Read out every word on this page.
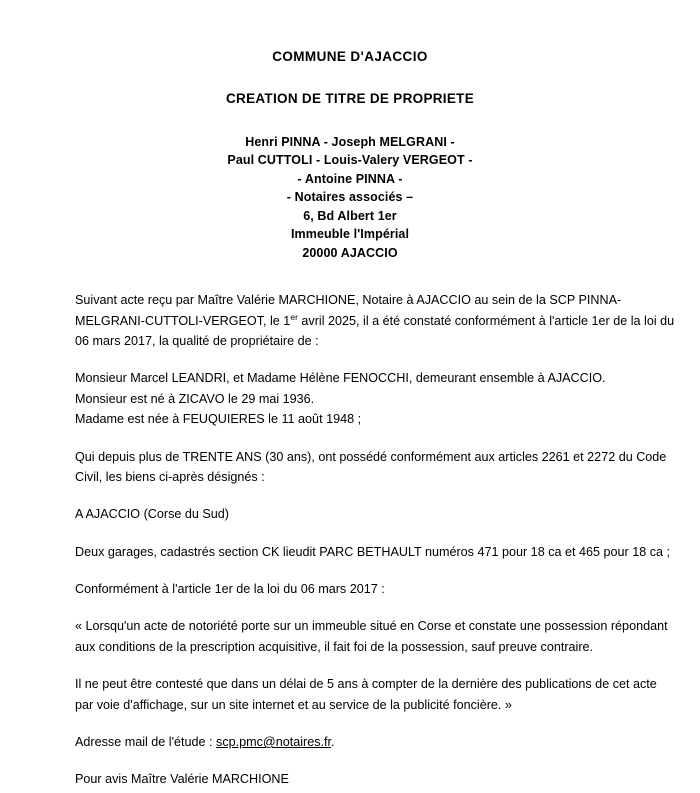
COMMUNE D'AJACCIO
CREATION DE TITRE DE PROPRIETE
Henri PINNA - Joseph MELGRANI -
Paul CUTTOLI - Louis-Valery VERGEOT -
- Antoine PINNA -
- Notaires associés –
6, Bd Albert 1er
Immeuble l'Impérial
20000 AJACCIO

Suivant acte reçu par Maître Valérie MARCHIONE, Notaire à AJACCIO au sein de la SCP PINNA-MELGRANI-CUTTOLI-VERGEOT, le 1er avril 2025, il a été constaté conformément à l'article 1er de la loi du 06 mars 2017, la qualité de propriétaire de :

Monsieur Marcel LEANDRI, et Madame Hélène FENOCCHI, demeurant ensemble à AJACCIO.
Monsieur est né à ZICAVO le 29 mai 1936.
Madame est née à FEUQUIERES le 11 août 1948 ;

Qui depuis plus de TRENTE ANS (30 ans), ont possédé conformément aux articles 2261 et 2272 du Code Civil, les biens ci-après désignés :

A AJACCIO (Corse du Sud)

Deux garages, cadastrés section CK lieudit PARC BETHAULT numéros 471 pour 18 ca et 465 pour 18 ca ;

Conformément à l'article 1er de la loi du 06 mars 2017 :

« Lorsqu'un acte de notoriété porte sur un immeuble situé en Corse et constate une possession répondant aux conditions de la prescription acquisitive, il fait foi de la possession, sauf preuve contraire.

Il ne peut être contesté que dans un délai de 5 ans à compter de la dernière des publications de cet acte par voie d'affichage, sur un site internet et au service de la publicité foncière. »

Adresse mail de l'étude : scp.pmc@notaires.fr.

Pour avis Maître Valérie MARCHIONE
